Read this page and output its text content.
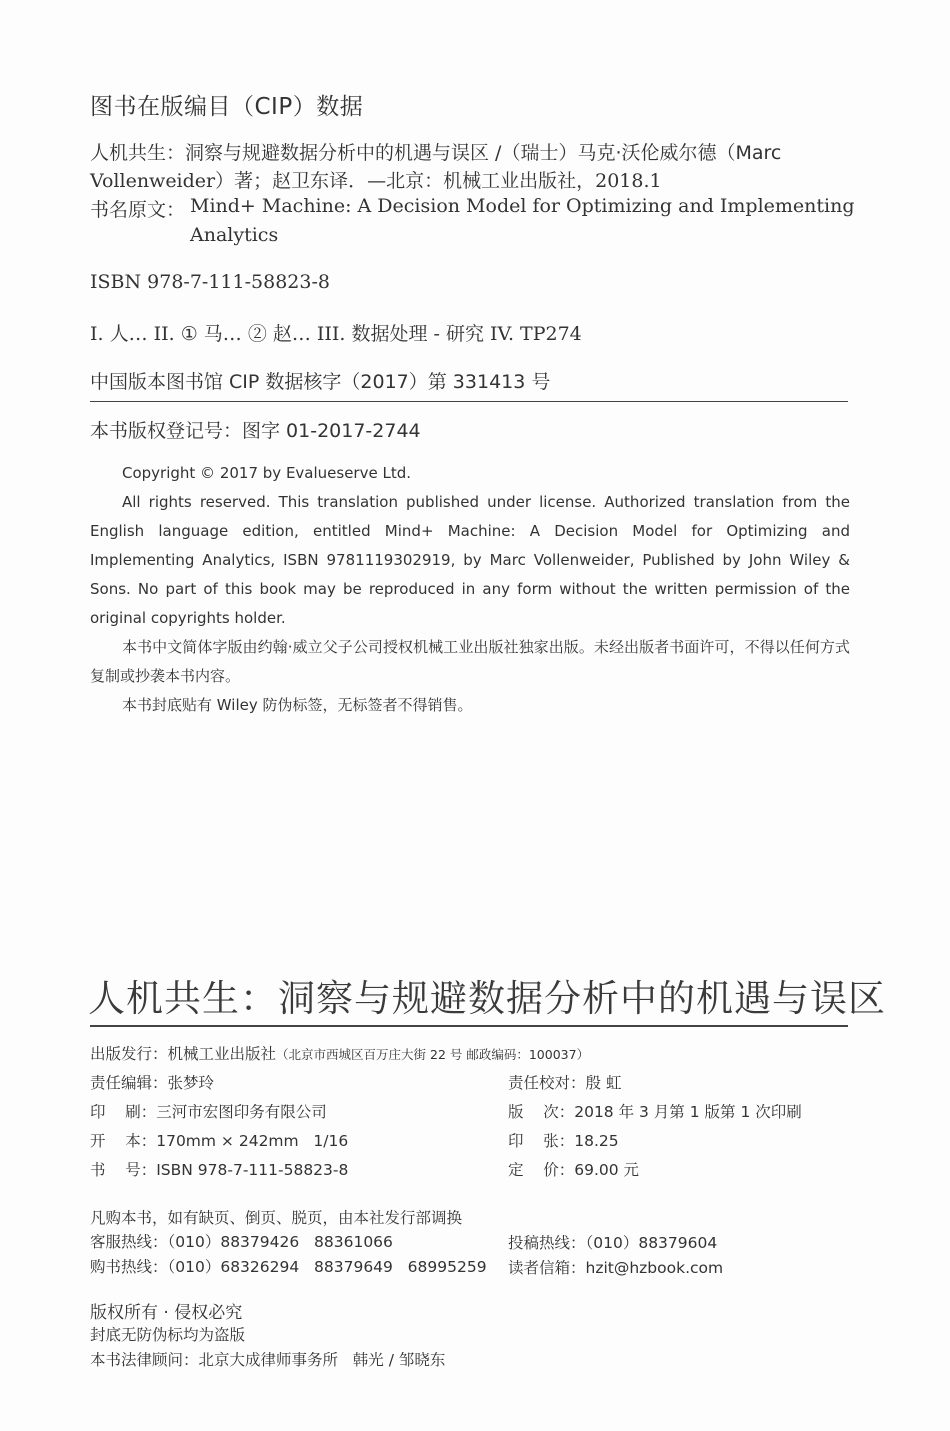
图书在版编目（CIP）数据
人机共生：洞察与规避数据分析中的机遇与误区 /（瑞士）马克·沃伦威尔德（Marc
Vollenweider）著；赵卫东译．—北京：机械工业出版社，2018.1
书名原文： Mind+ Machine: A Decision Model for Optimizing and Implementing
Analytics
ISBN 978-7-111-58823-8
I. 人… II. ① 马… ② 赵… III. 数据处理 - 研究 IV. TP274
中国版本图书馆 CIP 数据核字（2017）第 331413 号
本书版权登记号：图字 01-2017-2744

Copyright © 2017 by Evalueserve Ltd.

All rights reserved. This translation published under license. Authorized translation from the English language edition, entitled Mind+ Machine: A Decision Model for Optimizing and Implementing Analytics, ISBN 9781119302919, by Marc Vollenweider, Published by John Wiley & Sons. No part of this book may be reproduced in any form without the written permission of the original copyrights holder.

本书中文简体字版由约翰·威立父子公司授权机械工业出版社独家出版。未经出版者书面许可，不得以任何方式复制或抄袭本书内容。

本书封底贴有 Wiley 防伪标签，无标签者不得销售。

人机共生：洞察与规避数据分析中的机遇与误区
出版发行：机械工业出版社（北京市西城区百万庄大街 22 号 邮政编码：100037）
责任编辑：张梦玲	责任校对：殷 虹
印    刷：三河市宏图印务有限公司	版    次：2018 年 3 月第 1 版第 1 次印刷
开    本：170mm × 242mm   1/16	印    张：18.25
书    号：ISBN 978-7-111-58823-8	定    价：69.00 元
凡购本书，如有缺页、倒页、脱页，由本社发行部调换
客服热线：（010）88379426   88361066	投稿热线：（010）88379604
购书热线：（010）68326294   88379649   68995259 读者信箱：hzit@hzbook.com
版权所有 · 侵权必究
封底无防伪标均为盗版
本书法律顾问：北京大成律师事务所   韩光 / 邹晓东
